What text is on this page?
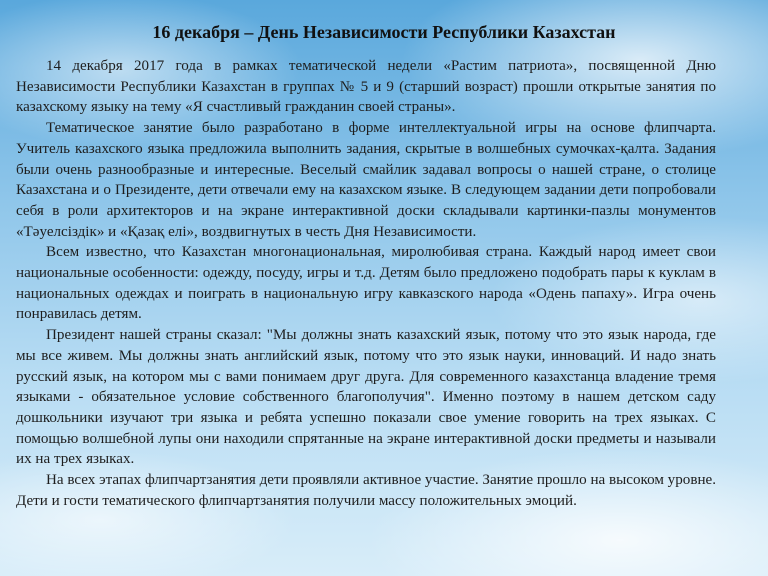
16 декабря – День Независимости Республики Казахстан

14 декабря 2017 года в рамках тематической недели «Растим патриота», посвященной Дню Независимости Республики Казахстан в группах № 5 и 9 (старший возраст) прошли открытые занятия по казахскому языку на тему «Я счастливый гражданин своей страны».

Тематическое занятие было разработано в форме интеллектуальной игры на основе флипчарта. Учитель казахского языка предложила выполнить задания, скрытые в волшебных сумочках-қалта. Задания были очень разнообразные и интересные. Веселый смайлик задавал вопросы о нашей стране, о столице Казахстана и о Президенте, дети отвечали ему на казахском языке. В следующем задании дети попробовали себя в роли архитекторов и на экране интерактивной доски складывали картинки-пазлы монументов «Тәуелсіздік» и «Қазақ елі», воздвигнутых в честь Дня Независимости.

Всем известно, что Казахстан многонациональная, миролюбивая страна. Каждый народ имеет свои национальные особенности: одежду, посуду, игры и т.д. Детям было предложено подобрать пары к куклам в национальных одеждах и поиграть в национальную игру кавказского народа «Одень папаху». Игра очень понравилась детям.

Президент нашей страны сказал: "Мы должны знать казахский язык, потому что это язык народа, где мы все живем. Мы должны знать английский язык, потому что это язык науки, инноваций. И надо знать русский язык, на котором мы с вами понимаем друг друга. Для современного казахстанца владение тремя языками - обязательное условие собственного благополучия". Именно поэтому в нашем детском саду дошкольники изучают три языка и ребята успешно показали свое умение говорить на трех языках. С помощью волшебной лупы они находили спрятанные на экране интерактивной доски предметы и называли их на трех языках.

На всех этапах флипчартзанятия дети проявляли активное участие. Занятие прошло на высоком уровне. Дети и гости тематического флипчартзанятия получили массу положительных эмоций.
